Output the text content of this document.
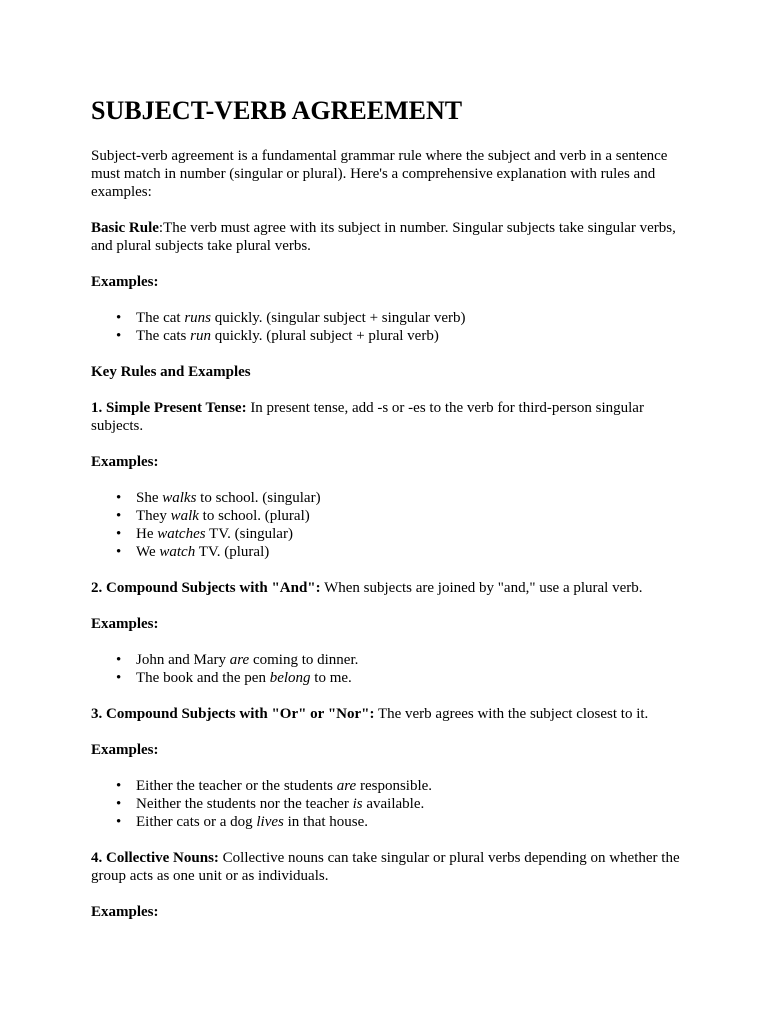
SUBJECT-VERB AGREEMENT

Subject-verb agreement is a fundamental grammar rule where the subject and verb in a sentence must match in number (singular or plural). Here's a comprehensive explanation with rules and examples:

Basic Rule:The verb must agree with its subject in number. Singular subjects take singular verbs, and plural subjects take plural verbs.

Examples:

• The cat runs quickly. (singular subject + singular verb)
• The cats run quickly. (plural subject + plural verb)

Key Rules and Examples

1. Simple Present Tense: In present tense, add -s or -es to the verb for third-person singular subjects.

Examples:

• She walks to school. (singular)
• They walk to school. (plural)
• He watches TV. (singular)
• We watch TV. (plural)

2. Compound Subjects with "And": When subjects are joined by "and," use a plural verb.

Examples:

• John and Mary are coming to dinner.
• The book and the pen belong to me.

3. Compound Subjects with "Or" or "Nor": The verb agrees with the subject closest to it.

Examples:

• Either the teacher or the students are responsible.
• Neither the students nor the teacher is available.
• Either cats or a dog lives in that house.

4. Collective Nouns: Collective nouns can take singular or plural verbs depending on whether the group acts as one unit or as individuals.

Examples:
